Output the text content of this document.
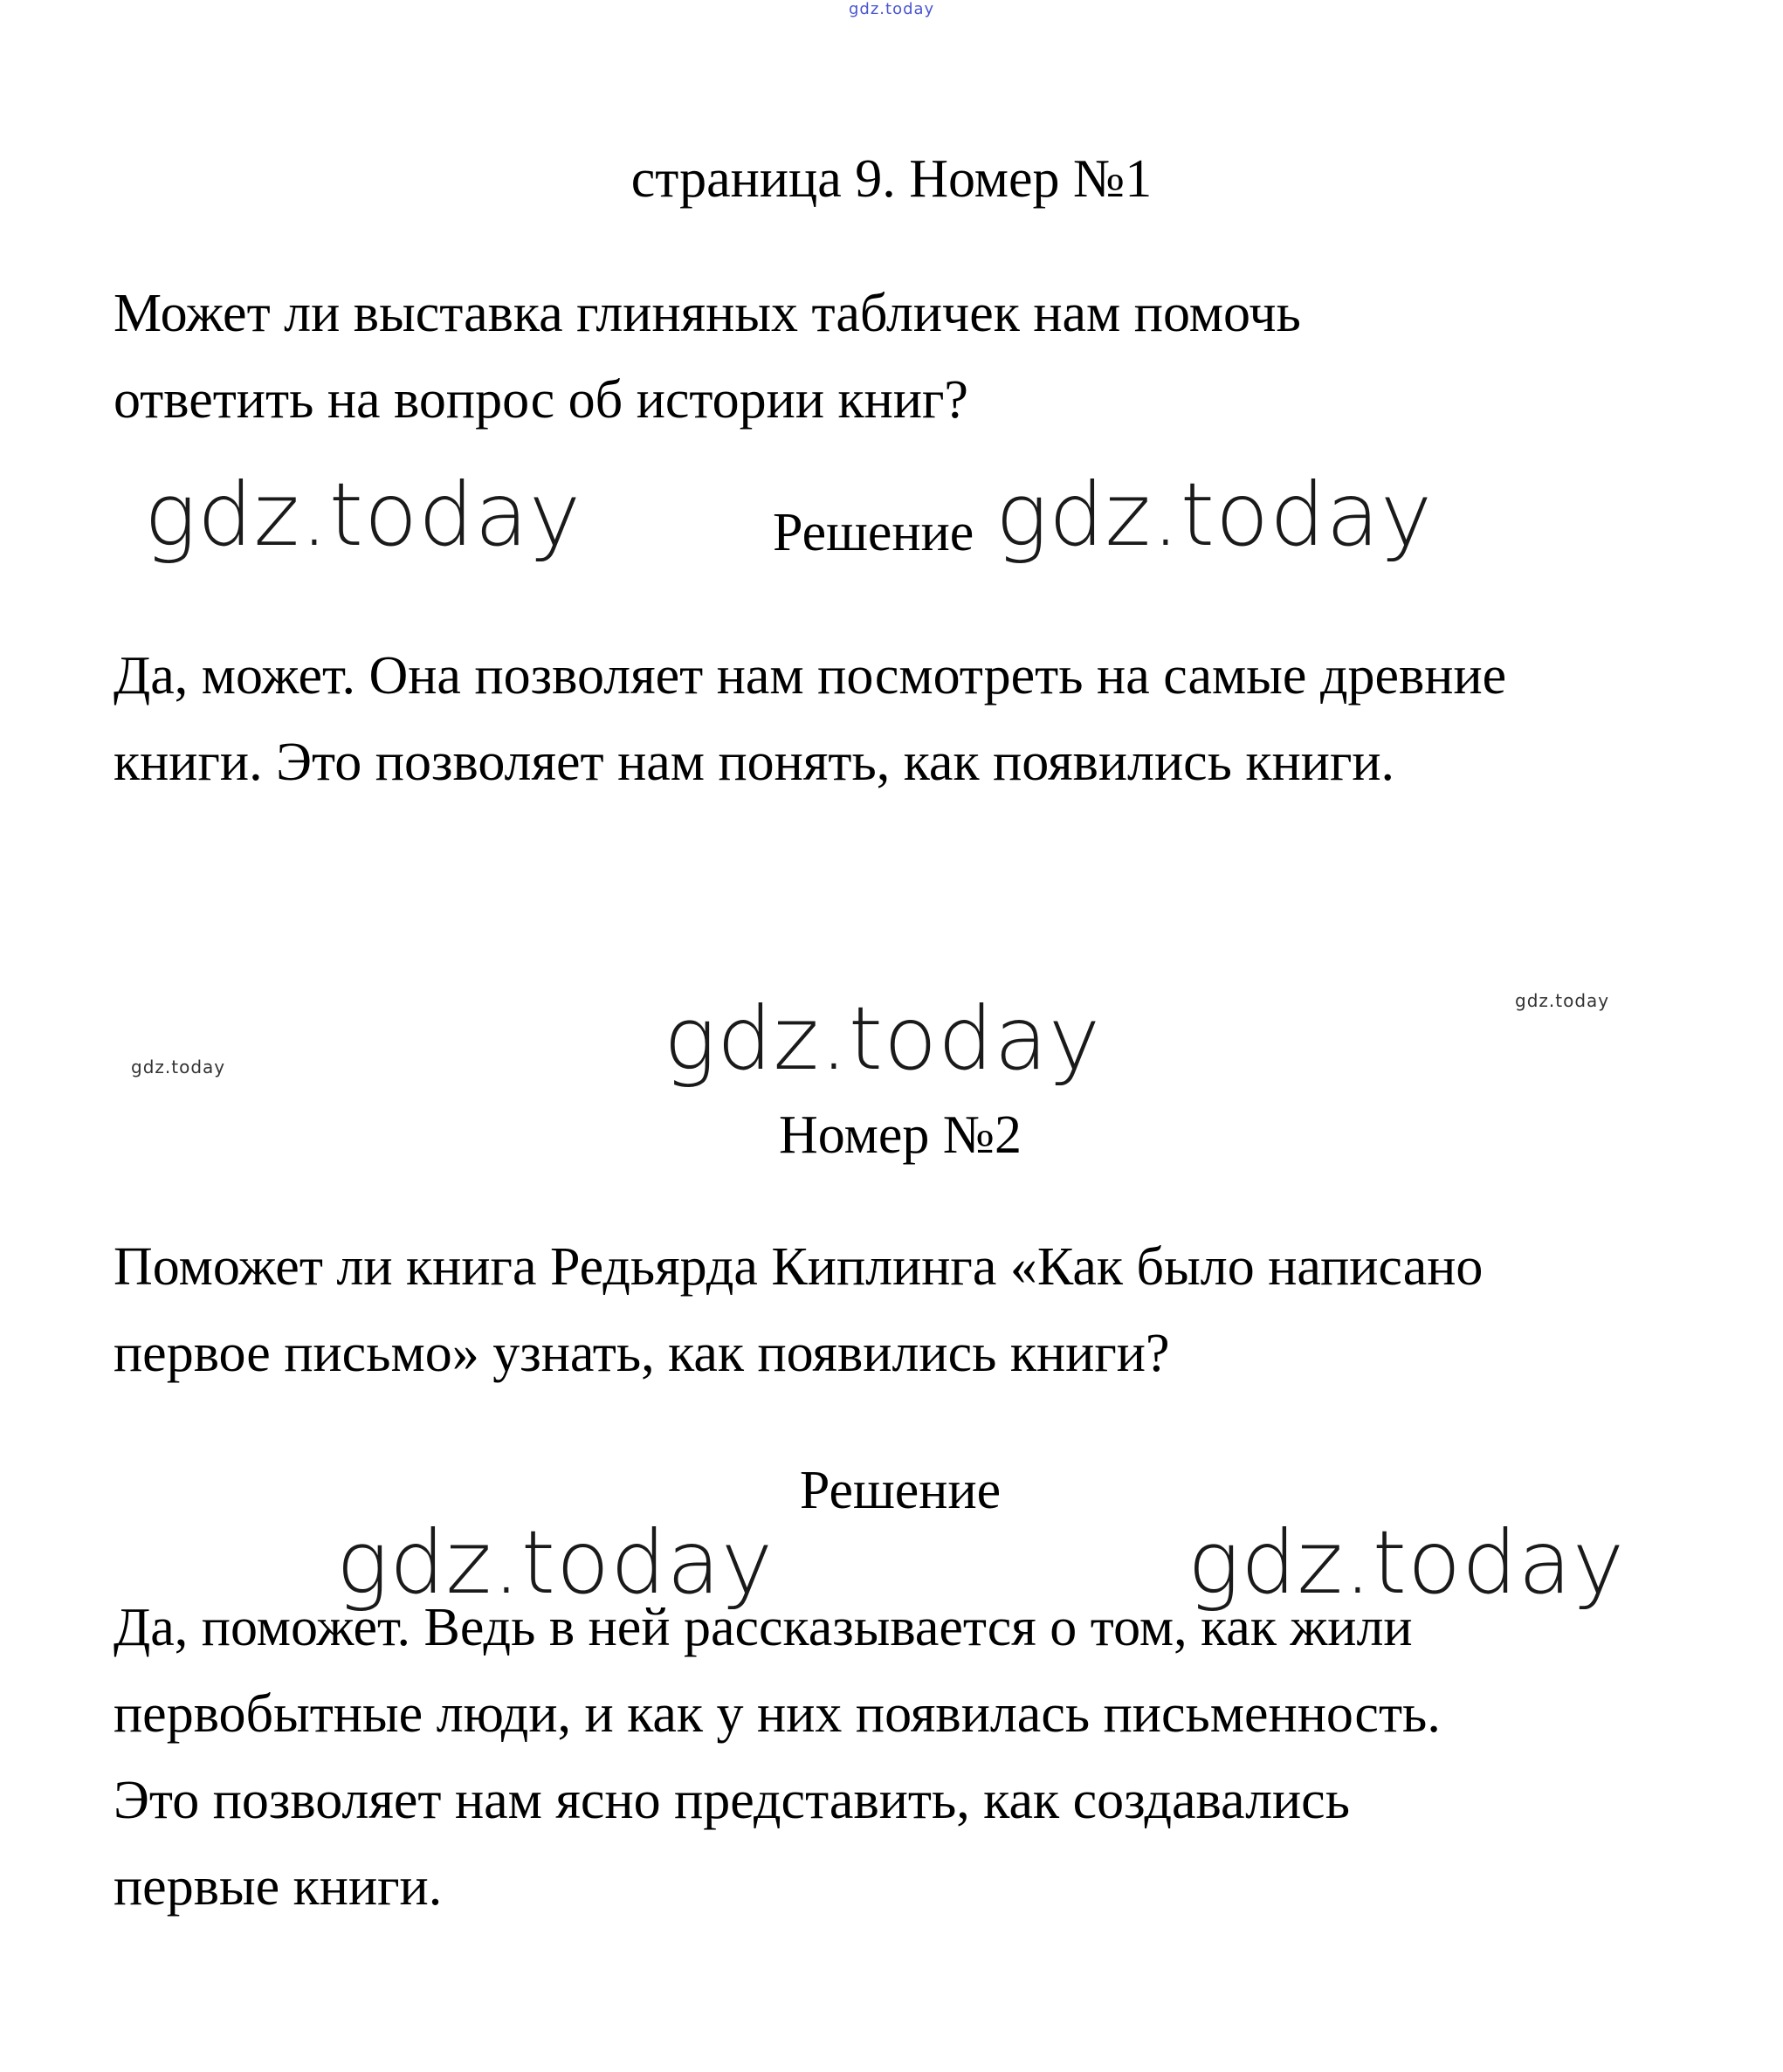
gdz.today
страница 9. Номер №1
Может ли выставка глиняных табличек нам помочь
ответить на вопрос об истории книг?
gdz.today	Решение gdz.today
Да, может. Она позволяет нам посмотреть на самые древние
книги. Это позволяет нам понять, как появились книги.
gdz.today
gdz.today	gdz.today
Номер №2
Поможет ли книга Редьярда Киплинга «Как было написано
первое письмо» узнать, как появились книги?
Решение
gdz.today	gdz.today
Да, поможет. Ведь в ней рассказывается о том, как жили
первобытные люди, и как у них появилась письменность.
Это позволяет нам ясно представить, как создавались
первые книги.
